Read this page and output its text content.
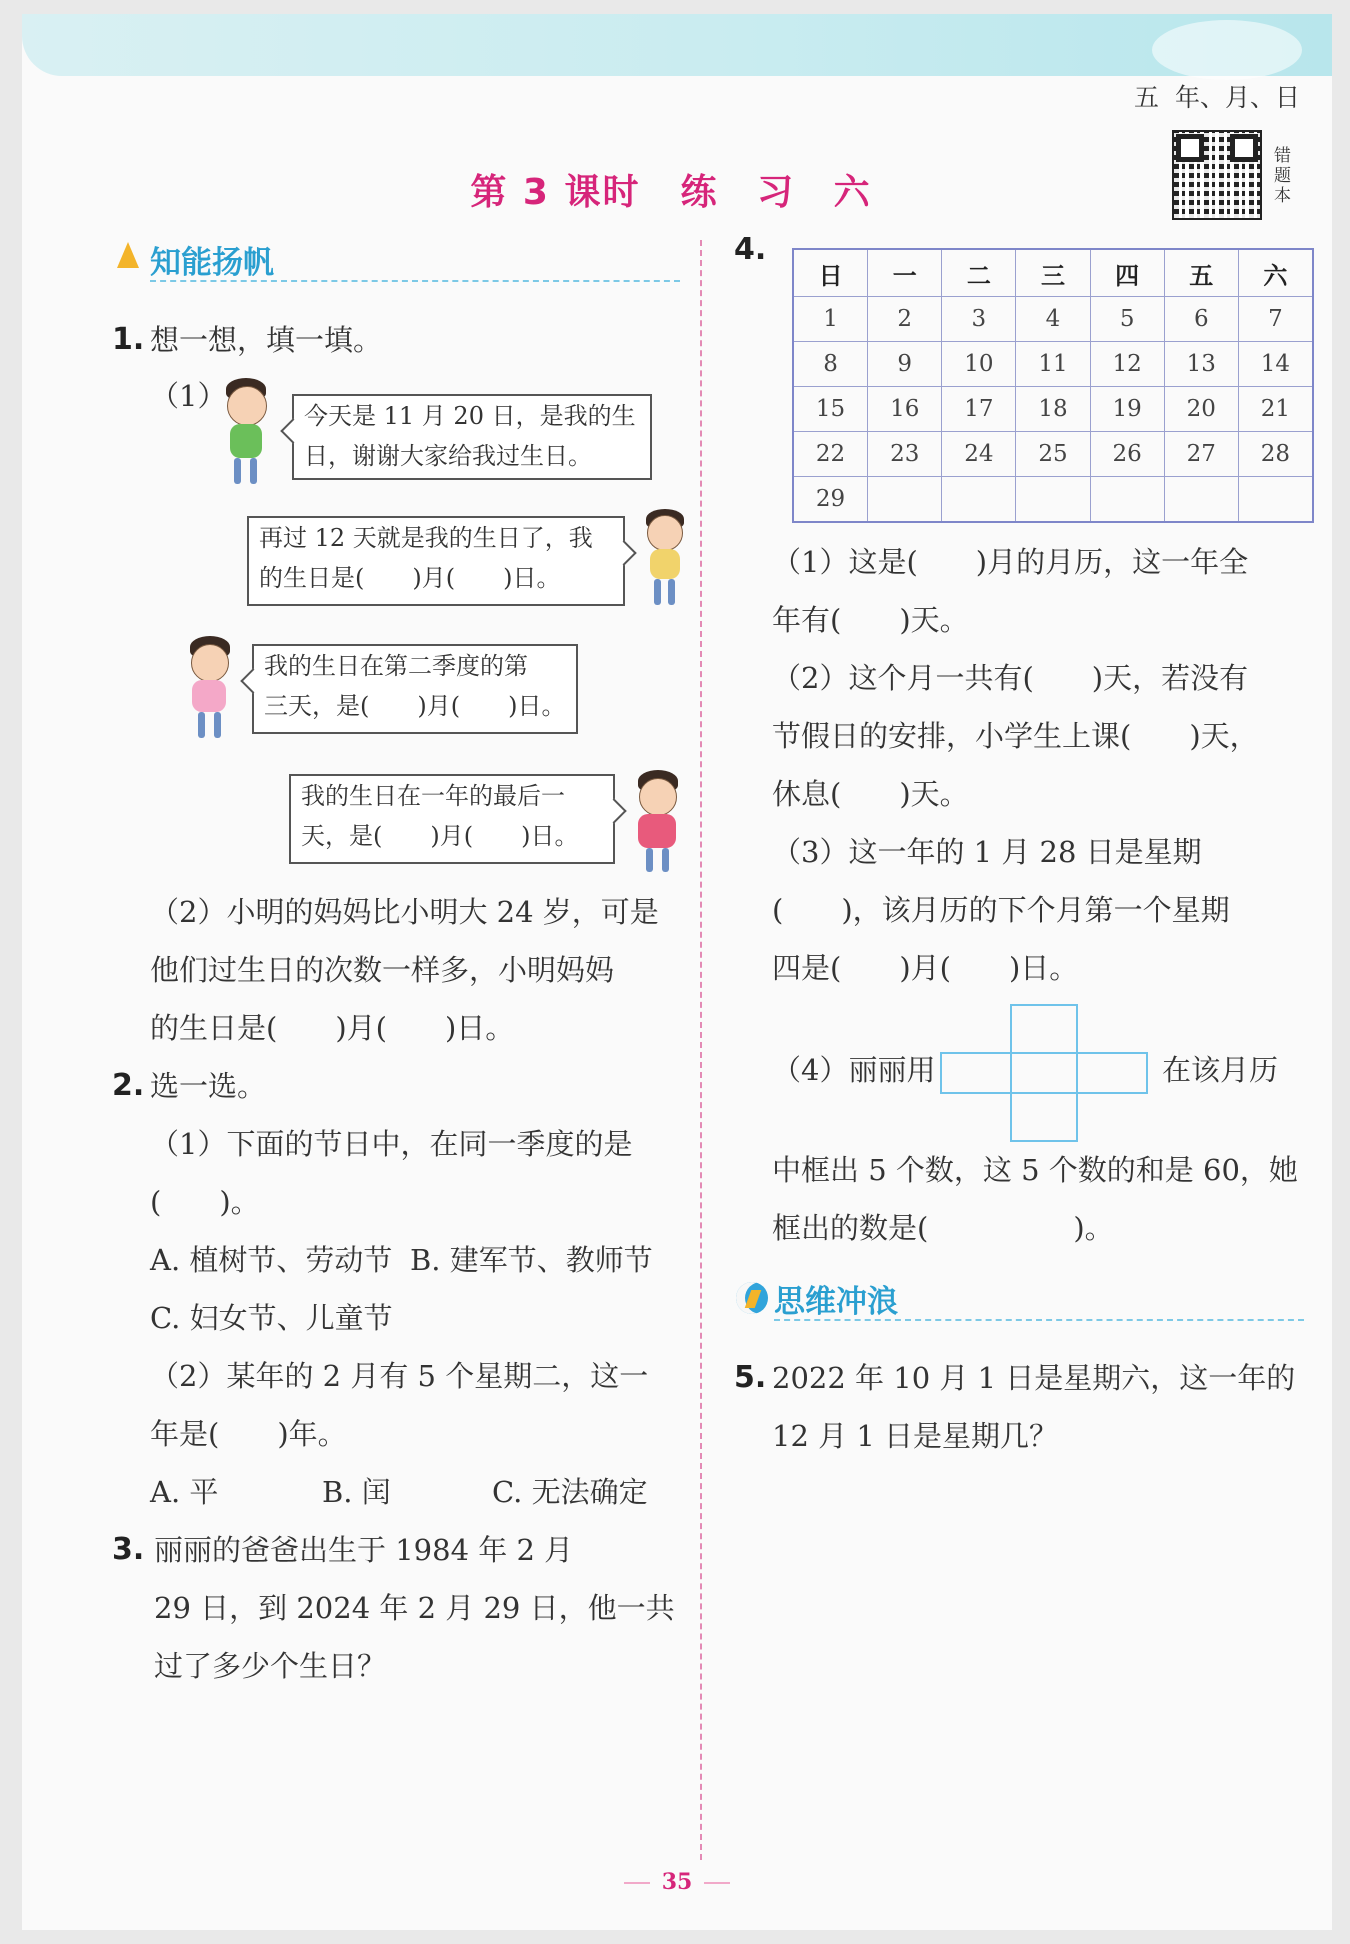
五 年、月、日
第 3 课时 练 习 六
错题本
知能扬帆
1. 想一想，填一填。
（1）
今天是 11 月 20 日，是我的生
日，谢谢大家给我过生日。
再过 12 天就是我的生日了，我
的生日是(　　)月(　　)日。
我的生日在第二季度的第
三天，是(　　)月(　　)日。
我的生日在一年的最后一
天，是(　　)月(　　)日。
（2）小明的妈妈比小明大 24 岁，可是
他们过生日的次数一样多，小明妈妈
的生日是(　　)月(　　)日。
2. 选一选。
（1）下面的节日中，在同一季度的是
(　　)。
A. 植树节、劳动节 B. 建军节、教师节
C. 妇女节、儿童节
（2）某年的 2 月有 5 个星期二，这一
年是(　　)年。
A. 平	B. 闰	C. 无法确定
3. 丽丽的爸爸出生于 1984 年 2 月
29 日，到 2024 年 2 月 29 日，他一共
过了多少个生日？
4.
日	一	二	三	四	五	六
1	2	3	4	5	6	7
8	9	10	11	12	13	14
15	16	17	18	19	20	21
22	23	24	25	26	27	28
29						
（1）这是(　　)月的月历，这一年全
年有(　　)天。
（2）这个月一共有(　　)天，若没有
节假日的安排，小学生上课(　　)天，
休息(　　)天。
（3）这一年的 1 月 28 日是星期
(　　)，该月历的下个月第一个星期
四是(　　)月(　　)日。
（4）丽丽用	在该月历
中框出 5 个数，这 5 个数的和是 60，她
框出的数是(　　　　　)。
思维冲浪
5. 2022 年 10 月 1 日是星期六，这一年的
12 月 1 日是星期几？
35
